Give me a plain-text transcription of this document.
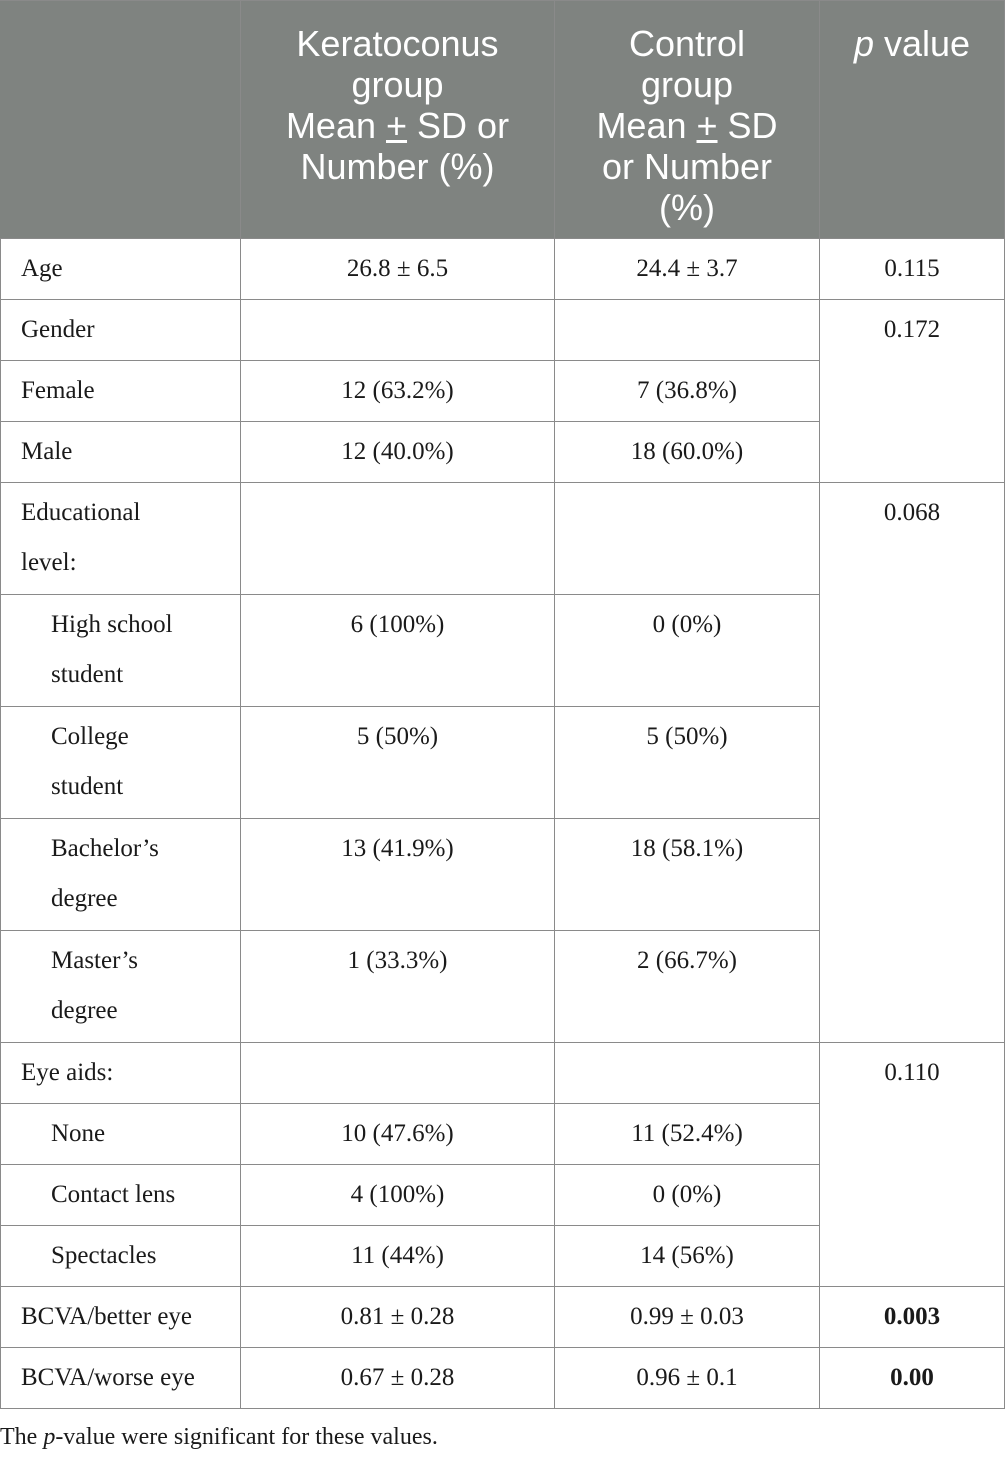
	Keratoconus
group
Mean + SD or
Number (%)	Control
group
Mean + SD
or Number
(%)	p value
Age	26.8 ± 6.5	24.4 ± 3.7	0.115
Gender			0.172
Female	12 (63.2%)	7 (36.8%)	
Male	12 (40.0%)	18 (60.0%)	

Educational
level:			0.068

High school
student	6 (100%)	0 (0%)	

College
student	5 (50%)	5 (50%)	

Bachelor’s
degree	13 (41.9%)	18 (58.1%)	

Master’s
degree	1 (33.3%)	2 (66.7%)	
Eye aids:			0.110
None	10 (47.6%)	11 (52.4%)	
Contact lens	4 (100%)	0 (0%)	
Spectacles	11 (44%)	14 (56%)	
BCVA/better eye	0.81 ± 0.28	0.99 ± 0.03	0.003
BCVA/worse eye	0.67 ± 0.28	0.96 ± 0.1	0.00
The p-value were significant for these values.
